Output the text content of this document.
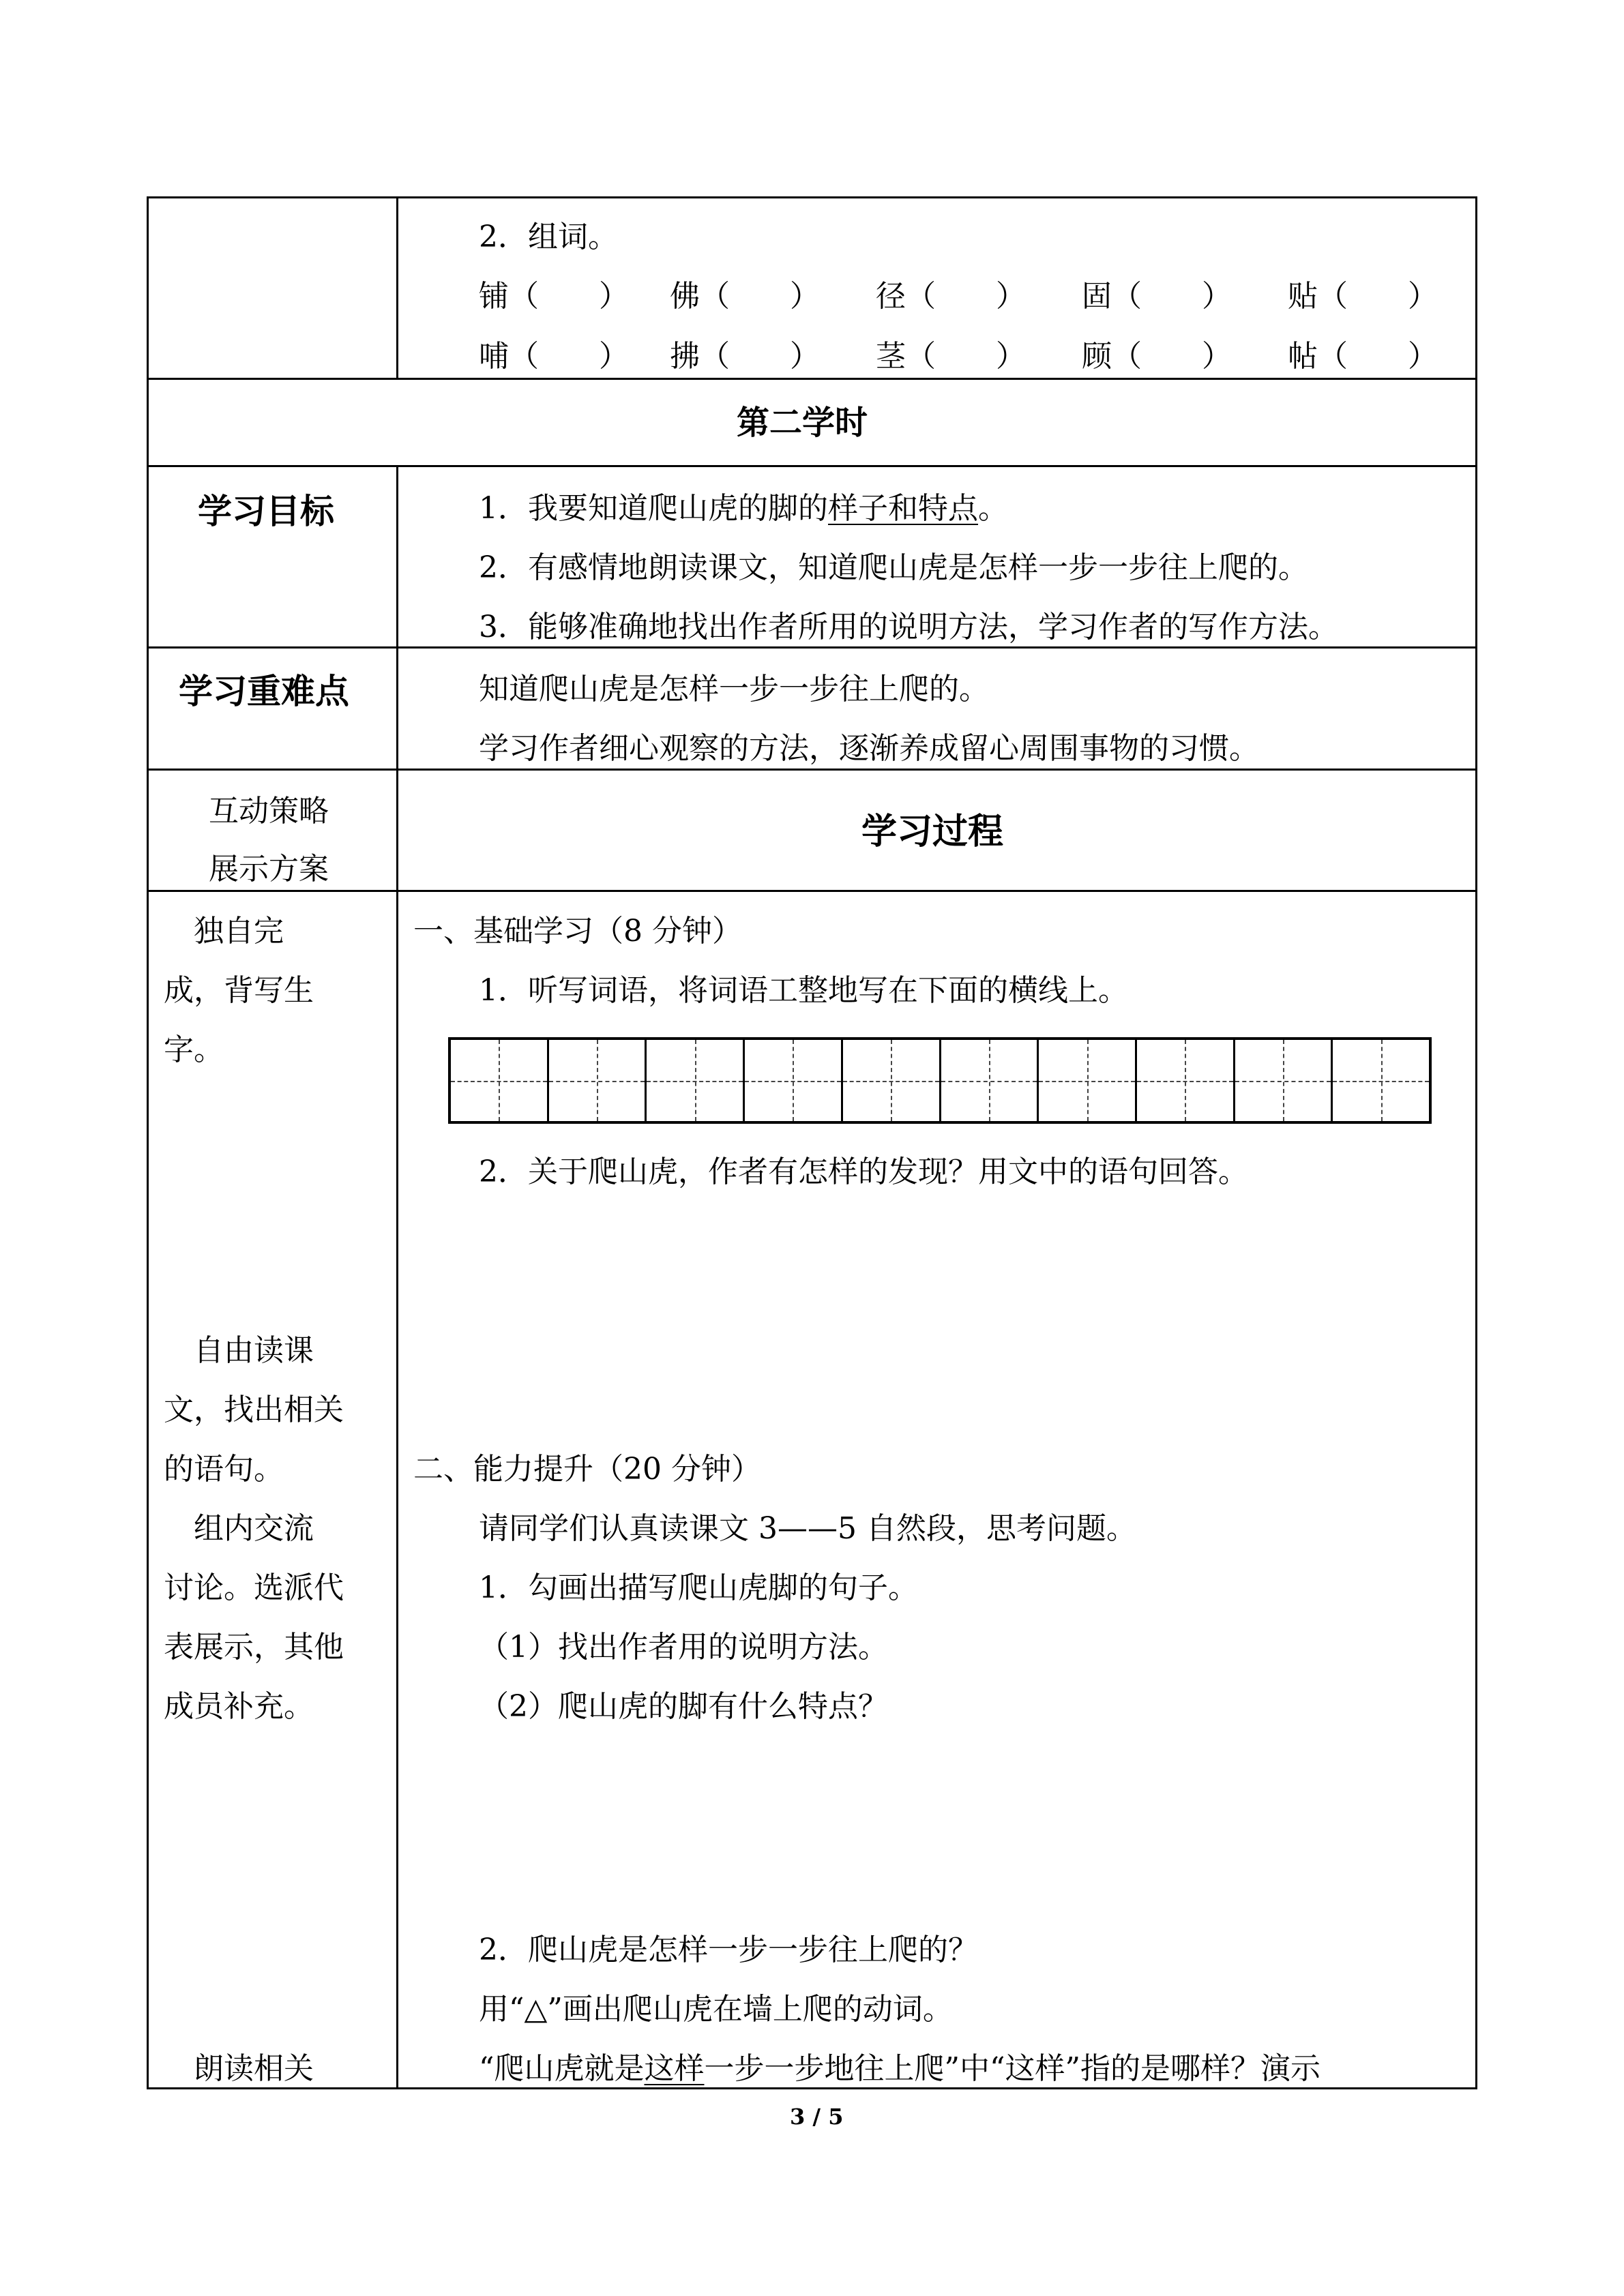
2．组词。
铺（　　） 佛（　　） 径（　　） 固（　　） 贴（　　）
哺（　　） 拂（　　） 茎（　　） 顾（　　） 帖（　　）
第二学时
学习目标	1．我要知道爬山虎的脚的样子和特点。
2．有感情地朗读课文，知道爬山虎是怎样一步一步往上爬的。
3．能够准确地找出作者所用的说明方法，学习作者的写作方法。
学习重难点	知道爬山虎是怎样一步一步往上爬的。
学习作者细心观察的方法，逐渐养成留心周围事物的习惯。
互动策略
展示方案
学习过程
　独自完
成，背写生
字。
　自由读课
文，找出相关
的语句。
　组内交流
讨论。选派代
表展示，其他
成员补充。
　朗读相关
一、基础学习（8 分钟）
1．听写词语，将词语工整地写在下面的横线上。
2．关于爬山虎，作者有怎样的发现？用文中的语句回答。
二、能力提升（20 分钟）
请同学们认真读课文 3——5 自然段，思考问题。
1．勾画出描写爬山虎脚的句子。
（1）找出作者用的说明方法。
（2）爬山虎的脚有什么特点？
2．爬山虎是怎样一步一步往上爬的？
用“△”画出爬山虎在墙上爬的动词。
“爬山虎就是这样一步一步地往上爬”中“这样”指的是哪样？演示
3 / 5
